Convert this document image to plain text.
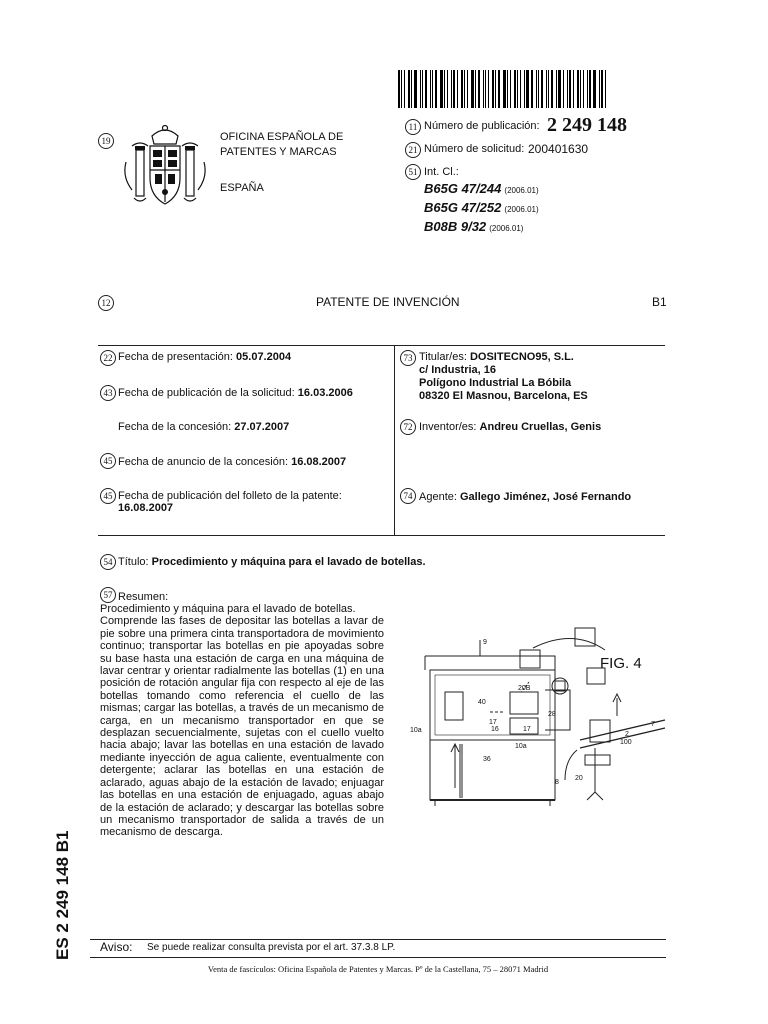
19	OFICINA ESPAÑOLA DE
PATENTES Y MARCAS
ESPAÑA
11 Número de publicación: 2 249 148
21 Número de solicitud: 200401630
51 Int. Cl.:
B65G 47/244 (2006.01)
B65G 47/252 (2006.01)
B08B 9/32 (2006.01)
12	PATENTE DE INVENCIÓN	B1
22 Fecha de presentación: 05.07.2004
43 Fecha de publicación de la solicitud: 16.03.2006
Fecha de la concesión: 27.07.2007
45 Fecha de anuncio de la concesión: 16.08.2007
45 Fecha de publicación del folleto de la patente:
16.08.2007
73 Titular/es: DOSITECNO95, S.L.
c/ Industria, 16
Polígono Industrial La Bóbila
08320 El Masnou, Barcelona, ES
72 Inventor/es: Andreu Cruellas, Genis
74 Agente: Gallego Jiménez, José Fernando
54 Título: Procedimiento y máquina para el lavado de botellas.
57 Resumen:
Procedimiento y máquina para el lavado de botellas.
Comprende las fases de depositar las botellas a lavar de pie sobre una primera cinta transportadora de movimiento continuo; transportar las botellas en pie apoyadas sobre su base hasta una estación de carga en una máquina de lavar centrar y orientar radialmente las botellas (1) en una posición de rotación angular fija con respecto al eje de las botellas tomando como referencia el cuello de las mismas; cargar las botellas, a través de un mecanismo de carga, en un mecanismo transportador en que se desplazan secuencialmente, sujetas con el cuello vuelto hacia abajo; lavar las botellas en una estación de lavado mediante inyección de agua caliente, eventualmente con detergente; aclarar las botellas en una estación de aclarado, aguas abajo de la estación de lavado; enjuagar las botellas en una estación de enjuagado, aguas abajo de la estación de aclarado; y descargar las botellas sobre un mecanismo transportador de salida a través de un mecanismo de descarga.
9
40
20B
17
16	17
28
10a
10a
36
8
20
2
100
7
FIG. 4
ES 2 249 148 B1 Aviso: Se puede realizar consulta prevista por el art. 37.3.8 LP.
Venta de fascículos: Oficina Española de Patentes y Marcas. Pº de la Castellana, 75 – 28071 Madrid
